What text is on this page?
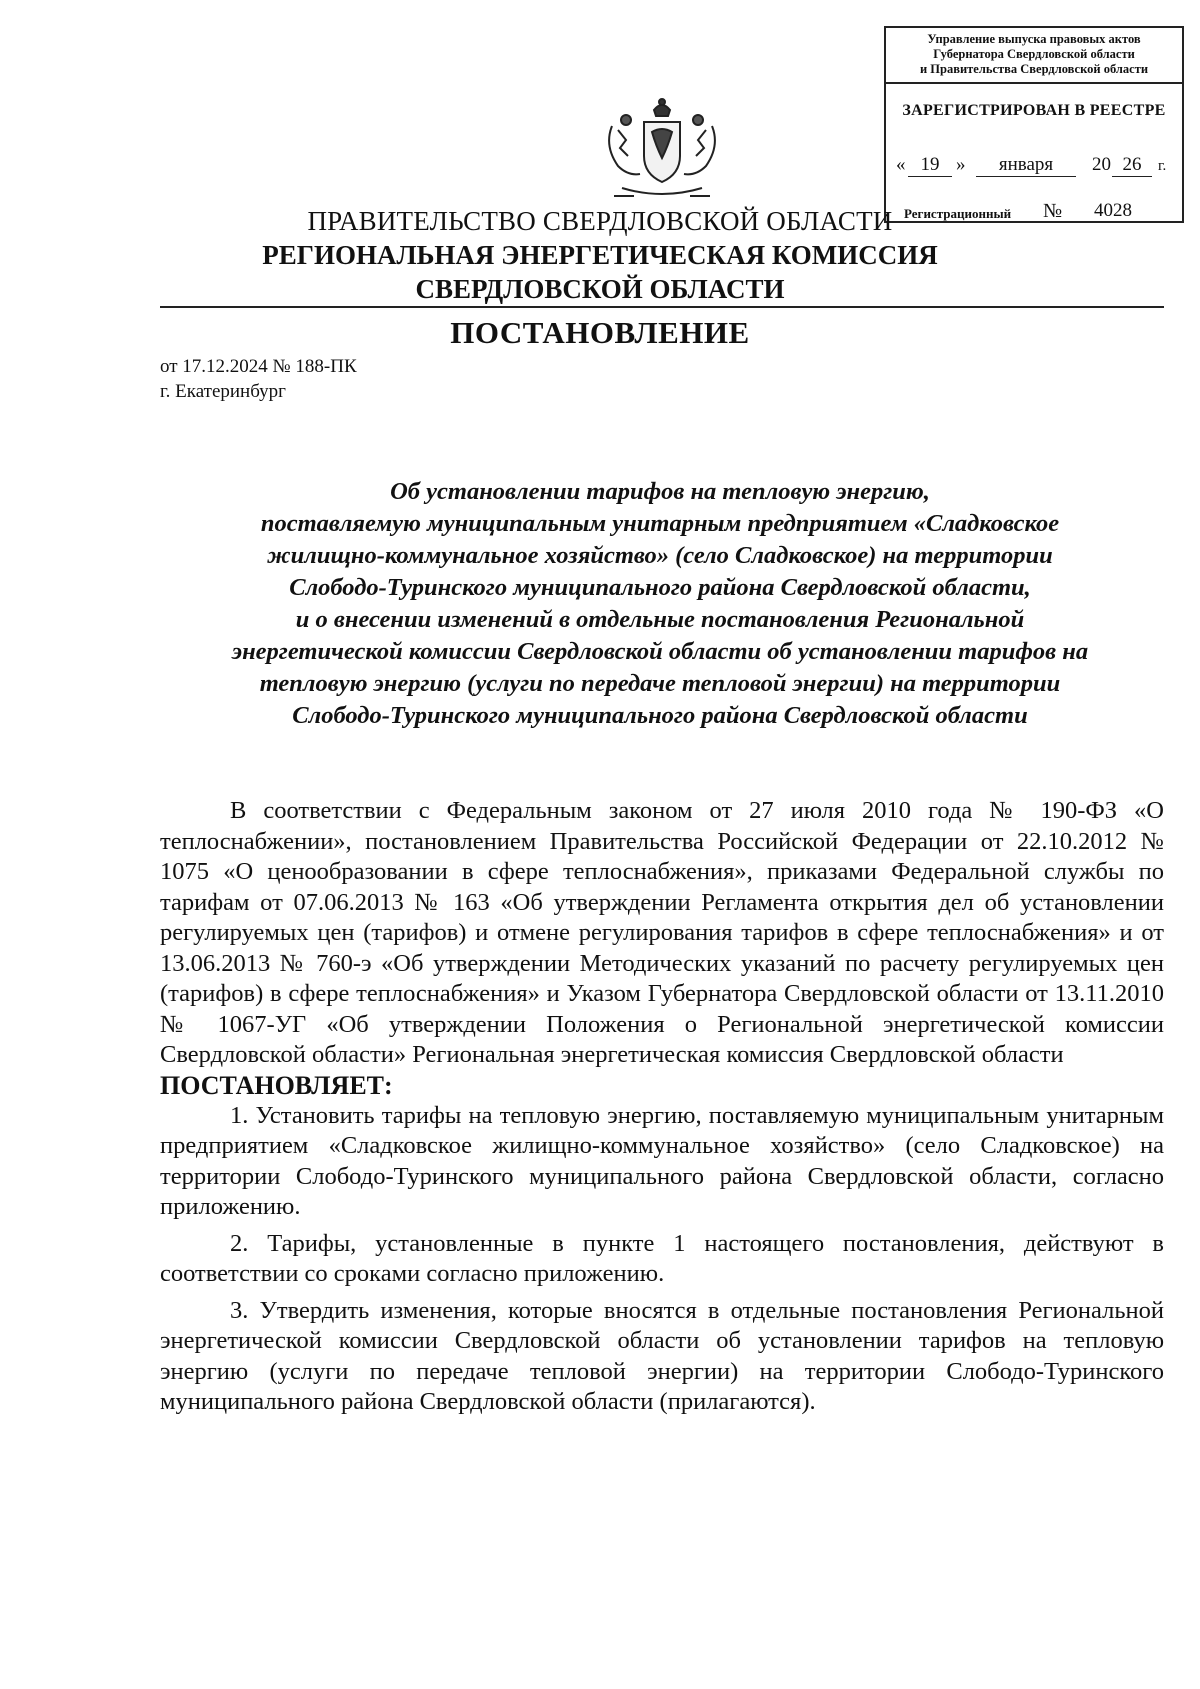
Управление выпуска правовых актов
Губернатора Свердловской области
и Правительства Свердловской области
ЗАРЕГИСТРИРОВАН В РЕЕСТРЕ
« 19 »	января	20 26	г.
Регистрационный №	4028
ПРАВИТЕЛЬСТВО СВЕРДЛОВСКОЙ ОБЛАСТИ
РЕГИОНАЛЬНАЯ ЭНЕРГЕТИЧЕСКАЯ КОМИССИЯ
СВЕРДЛОВСКОЙ ОБЛАСТИ
ПОСТАНОВЛЕНИЕ
от 17.12.2024 № 188-ПК
г. Екатеринбург
Об установлении тарифов на тепловую энергию,
поставляемую муниципальным унитарным предприятием «Сладковское
жилищно-коммунальное хозяйство» (село Сладковское) на территории
Слободо-Туринского муниципального района Свердловской области,
и о внесении изменений в отдельные постановления Региональной
энергетической комиссии Свердловской области об установлении тарифов на
тепловую энергию (услуги по передаче тепловой энергии) на территории
Слободо-Туринского муниципального района Свердловской области

В соответствии с Федеральным законом от 27 июля 2010 года № 190-ФЗ «О теплоснабжении», постановлением Правительства Российской Федерации от 22.10.2012 № 1075 «О ценообразовании в сфере теплоснабжения», приказами Федеральной службы по тарифам от 07.06.2013 № 163 «Об утверждении Регламента открытия дел об установлении регулируемых цен (тарифов) и отмене регулирования тарифов в сфере теплоснабжения» и от 13.06.2013 № 760-э «Об утверждении Методических указаний по расчету регулируемых цен (тарифов) в сфере теплоснабжения» и Указом Губернатора Свердловской области от 13.11.2010 № 1067-УГ «Об утверждении Положения о Региональной энергетической комиссии Свердловской области» Региональная энергетическая комиссия Свердловской области

ПОСТАНОВЛЯЕТ:

1. Установить тарифы на тепловую энергию, поставляемую муниципальным унитарным предприятием «Сладковское жилищно-коммунальное хозяйство» (село Сладковское) на территории Слободо-Туринского муниципального района Свердловской области, согласно приложению.

2. Тарифы, установленные в пункте 1 настоящего постановления, действуют в соответствии со сроками согласно приложению.

3. Утвердить изменения, которые вносятся в отдельные постановления Региональной энергетической комиссии Свердловской области об установлении тарифов на тепловую энергию (услуги по передаче тепловой энергии) на территории Слободо-Туринского муниципального района Свердловской области (прилагаются).
